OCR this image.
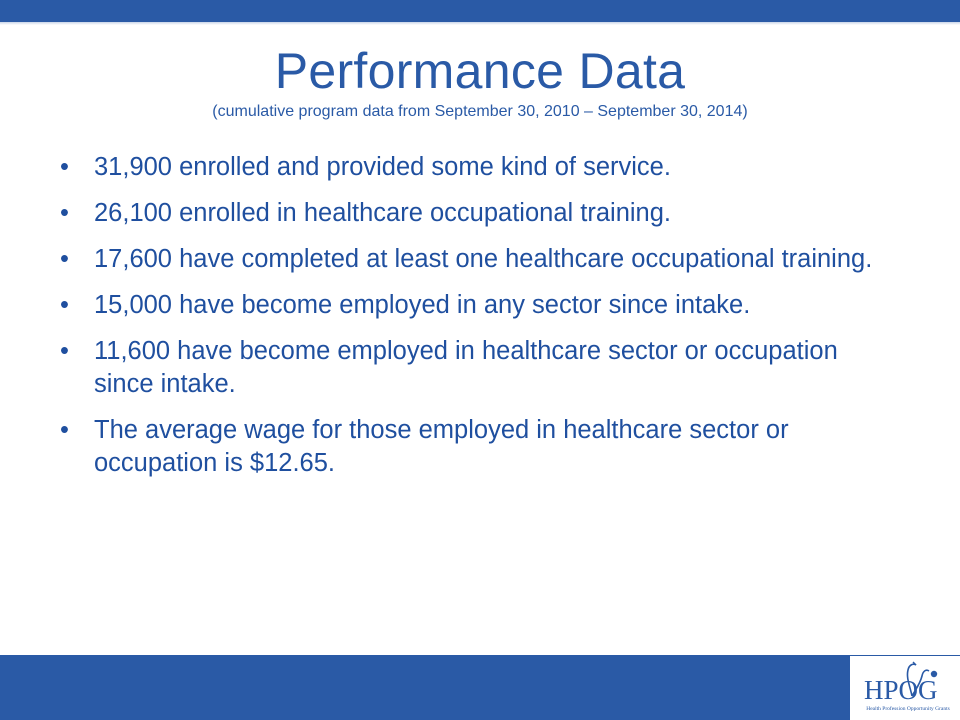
Performance Data

(cumulative program data from September 30, 2010 – September 30, 2014)

• 31,900 enrolled and provided some kind of service.
• 26,100 enrolled in healthcare occupational training.
• 17,600 have completed at least one healthcare occupational training.
• 15,000 have become employed in any sector since intake.
• 11,600 have become employed in healthcare sector or occupation since intake.
• The average wage for those employed in healthcare sector or occupation is $12.65.
HPOG
Health Profession Opportunity Grants
